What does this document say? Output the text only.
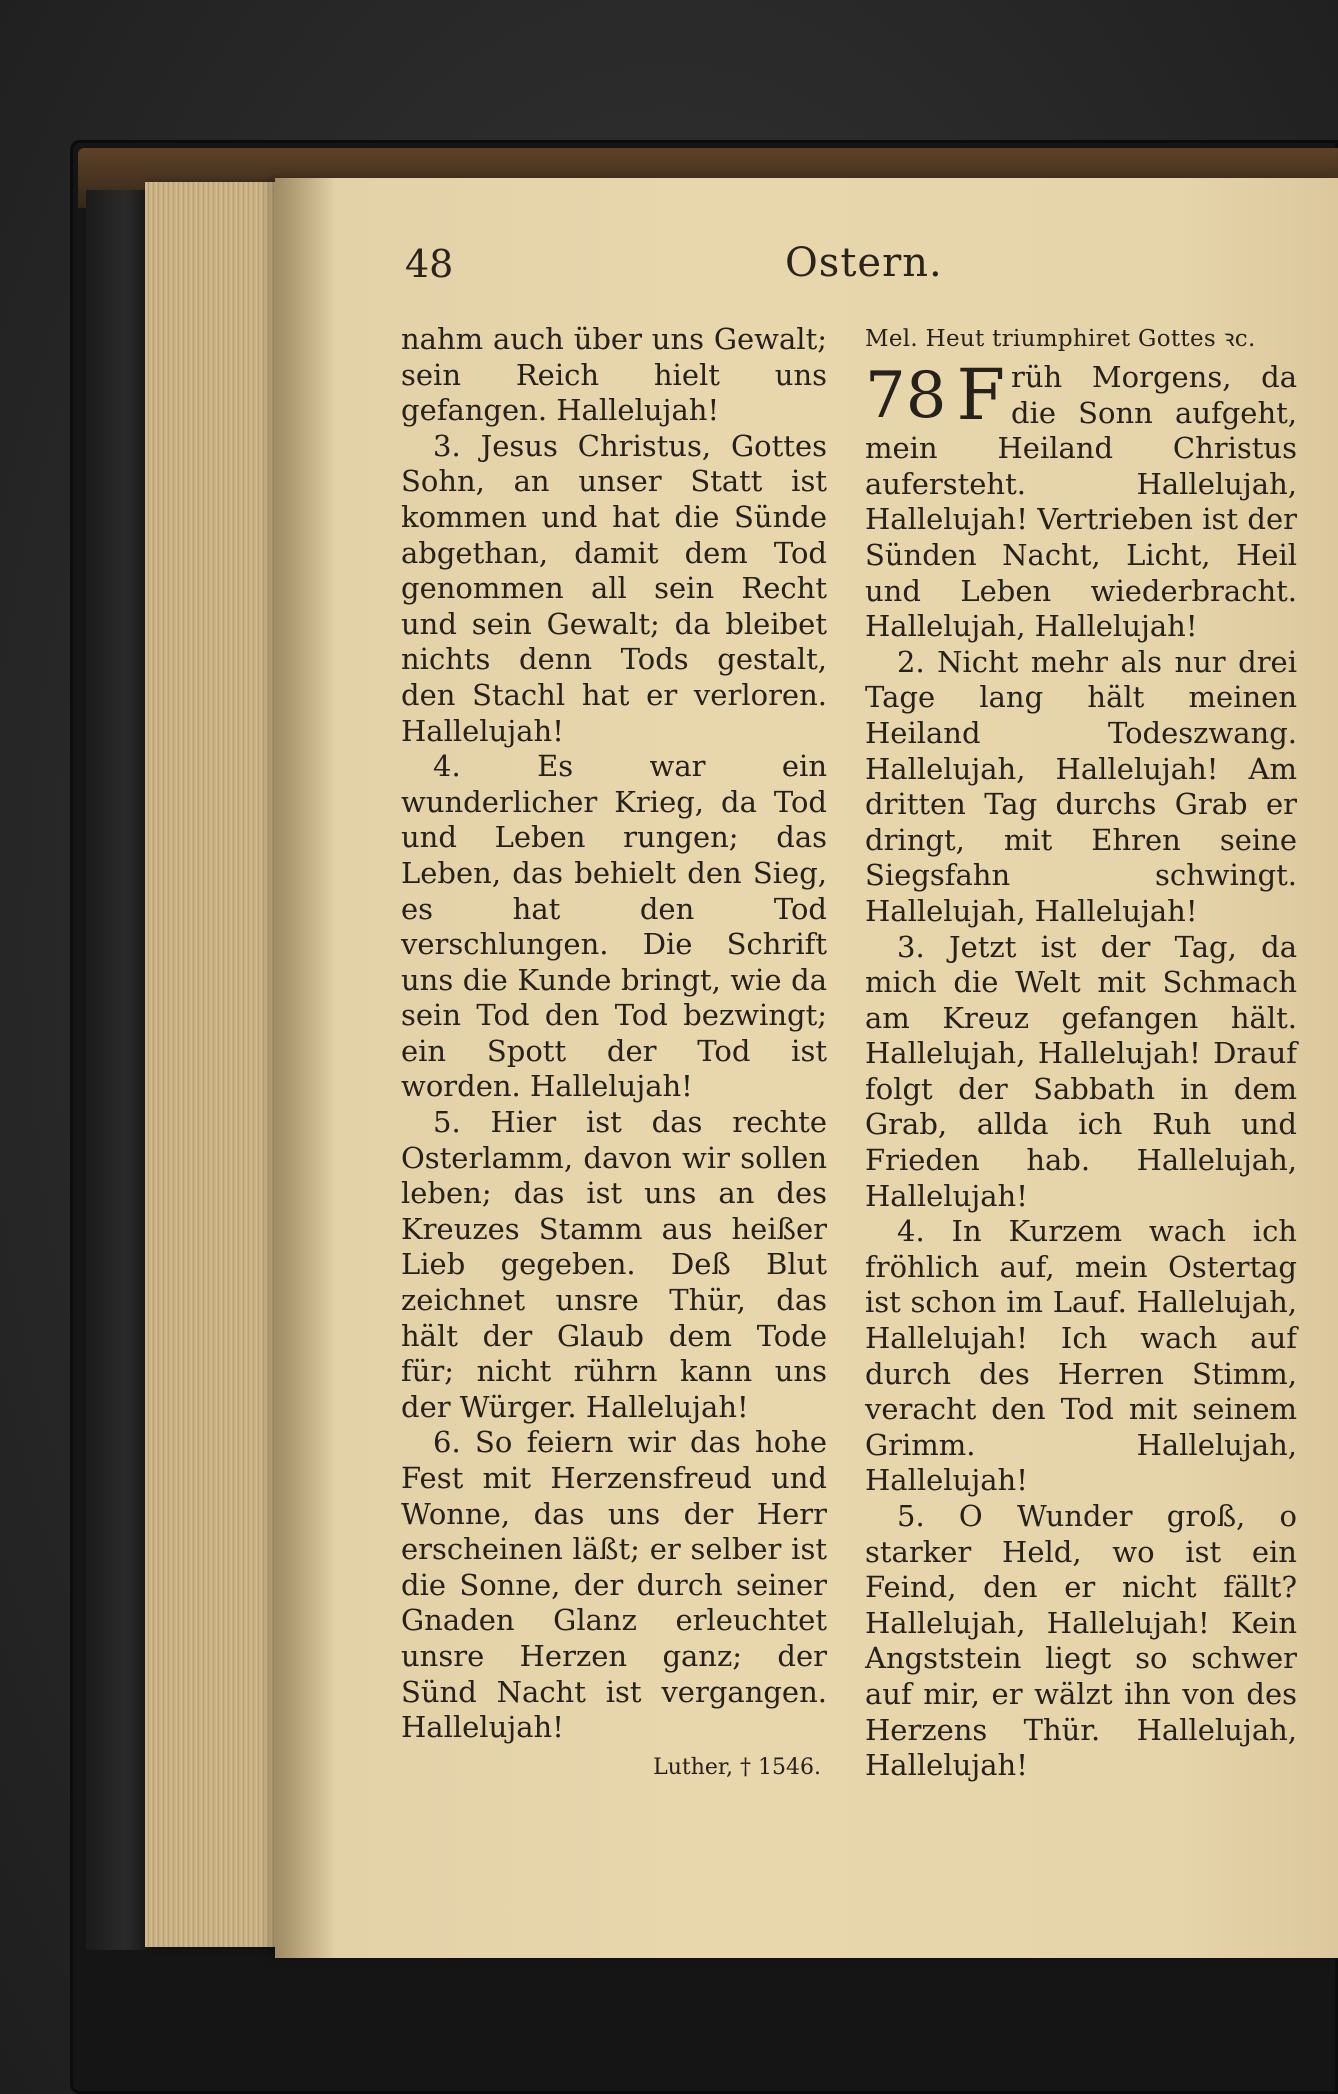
48	Ostern.

nahm auch über uns Gewalt; sein Reich hielt uns gefangen. Hallelujah!

3. Jesus Christus, Gottes Sohn, an unser Statt ist kommen und hat die Sünde abgethan, damit dem Tod genommen all sein Recht und sein Gewalt; da bleibet nichts denn Tods gestalt, den Stachl hat er verloren. Hallelujah!

4. Es war ein wunderlicher Krieg, da Tod und Leben rungen; das Leben, das behielt den Sieg, es hat den Tod verschlungen. Die Schrift uns die Kunde bringt, wie da sein Tod den Tod bezwingt; ein Spott der Tod ist worden. Hallelujah!

5. Hier ist das rechte Osterlamm, davon wir sollen leben; das ist uns an des Kreuzes Stamm aus heißer Lieb gegeben. Deß Blut zeichnet unsre Thür, das hält der Glaub dem Tode für; nicht rührn kann uns der Würger. Hallelujah!

6. So feiern wir das hohe Fest mit Herzensfreud und Wonne, das uns der Herr erscheinen läßt; er selber ist die Sonne, der durch seiner Gnaden Glanz erleuchtet unsre Herzen ganz; der Sünd Nacht ist vergangen. Hallelujah!

Luther, † 1546.
Mel. Heut triumphiret Gottes ꝛc.
78 F rüh Morgens, da die Sonn aufgeht, mein Heiland Christus aufersteht. Hallelujah, Hallelujah! Vertrieben ist der Sünden Nacht, Licht, Heil und Leben wiederbracht. Hallelujah, Hallelujah!

2. Nicht mehr als nur drei Tage lang hält meinen Heiland Todeszwang. Hallelujah, Hallelujah! Am dritten Tag durchs Grab er dringt, mit Ehren seine Siegsfahn schwingt. Hallelujah, Hallelujah!

3. Jetzt ist der Tag, da mich die Welt mit Schmach am Kreuz gefangen hält. Hallelujah, Hallelujah! Drauf folgt der Sabbath in dem Grab, allda ich Ruh und Frieden hab. Hallelujah, Hallelujah!

4. In Kurzem wach ich fröhlich auf, mein Ostertag ist schon im Lauf. Hallelujah, Hallelujah! Ich wach auf durch des Herren Stimm, veracht den Tod mit seinem Grimm. Hallelujah, Hallelujah!

5. O Wunder groß, o starker Held, wo ist ein Feind, den er nicht fällt? Hallelujah, Hallelujah! Kein Angststein liegt so schwer auf mir, er wälzt ihn von des Herzens Thür. Hallelujah, Hallelujah!
